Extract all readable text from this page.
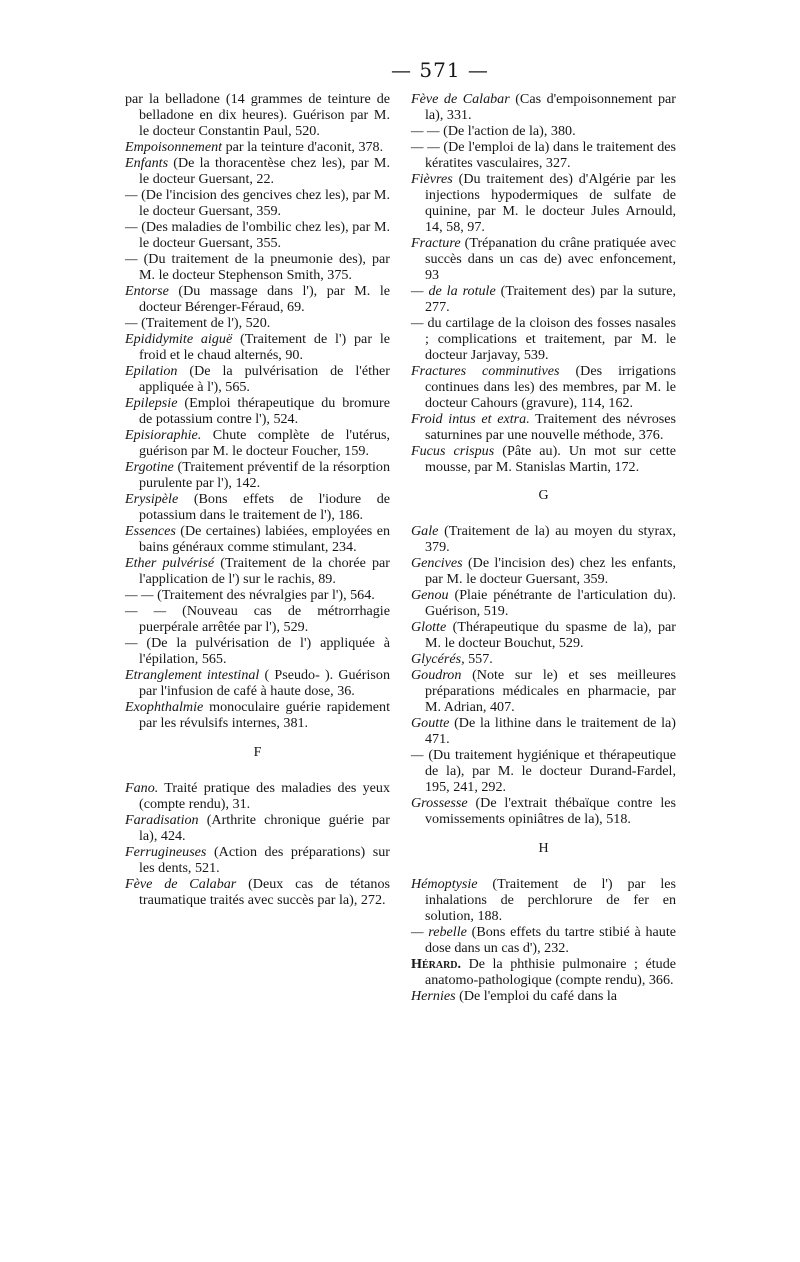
— 571 —

par la belladone (14 grammes de teinture de belladone en dix heures). Guérison par M. le docteur Constantin Paul, 520.

Empoisonnement par la teinture d'aconit, 378.

Enfants (De la thoracentèse chez les), par M. le docteur Guersant, 22.

— (De l'incision des gencives chez les), par M. le docteur Guersant, 359.

— (Des maladies de l'ombilic chez les), par M. le docteur Guersant, 355.

— (Du traitement de la pneumonie des), par M. le docteur Stephenson Smith, 375.

Entorse (Du massage dans l'), par M. le docteur Bérenger-Féraud, 69.

— (Traitement de l'), 520.

Epididymite aiguë (Traitement de l') par le froid et le chaud alternés, 90.

Epilation (De la pulvérisation de l'éther appliquée à l'), 565.

Epilepsie (Emploi thérapeutique du bromure de potassium contre l'), 524.

Episioraphie. Chute complète de l'utérus, guérison par M. le docteur Foucher, 159.

Ergotine (Traitement préventif de la résorption purulente par l'), 142.

Erysipèle (Bons effets de l'iodure de potassium dans le traitement de l'), 186.

Essences (De certaines) labiées, employées en bains généraux comme stimulant, 234.

Ether pulvérisé (Traitement de la chorée par l'application de l') sur le rachis, 89.

— — (Traitement des névralgies par l'), 564.

— — (Nouveau cas de métrorrhagie puerpérale arrêtée par l'), 529.

— (De la pulvérisation de l') appliquée à l'épilation, 565.

Etranglement intestinal ( Pseudo- ). Guérison par l'infusion de café à haute dose, 36.

Exophthalmie monoculaire guérie rapidement par les révulsifs internes, 381.

F

Fano. Traité pratique des maladies des yeux (compte rendu), 31.

Faradisation (Arthrite chronique guérie par la), 424.

Ferrugineuses (Action des préparations) sur les dents, 521.

Fève de Calabar (Deux cas de tétanos traumatique traités avec succès par la), 272.

Fève de Calabar (Cas d'empoisonnement par la), 331.

— — (De l'action de la), 380.

— — (De l'emploi de la) dans le traitement des kératites vasculaires, 327.

Fièvres (Du traitement des) d'Algérie par les injections hypodermiques de sulfate de quinine, par M. le docteur Jules Arnould, 14, 58, 97.

Fracture (Trépanation du crâne pratiquée avec succès dans un cas de) avec enfoncement, 93

— de la rotule (Traitement des) par la suture, 277.

— du cartilage de la cloison des fosses nasales ; complications et traitement, par M. le docteur Jarjavay, 539.

Fractures comminutives (Des irrigations continues dans les) des membres, par M. le docteur Cahours (gravure), 114, 162.

Froid intus et extra. Traitement des névroses saturnines par une nouvelle méthode, 376.

Fucus crispus (Pâte au). Un mot sur cette mousse, par M. Stanislas Martin, 172.

G

Gale (Traitement de la) au moyen du styrax, 379.

Gencives (De l'incision des) chez les enfants, par M. le docteur Guersant, 359.

Genou (Plaie pénétrante de l'articulation du). Guérison, 519.

Glotte (Thérapeutique du spasme de la), par M. le docteur Bouchut, 529.

Glycérés, 557.

Goudron (Note sur le) et ses meilleures préparations médicales en pharmacie, par M. Adrian, 407.

Goutte (De la lithine dans le traitement de la) 471.

— (Du traitement hygiénique et thérapeutique de la), par M. le docteur Durand-Fardel, 195, 241, 292.

Grossesse (De l'extrait thébaïque contre les vomissements opiniâtres de la), 518.

H

Hémoptysie (Traitement de l') par les inhalations de perchlorure de fer en solution, 188.

— rebelle (Bons effets du tartre stibié à haute dose dans un cas d'), 232.

Hérard. De la phthisie pulmonaire ; étude anatomo-pathologique (compte rendu), 366.

Hernies (De l'emploi du café dans la
